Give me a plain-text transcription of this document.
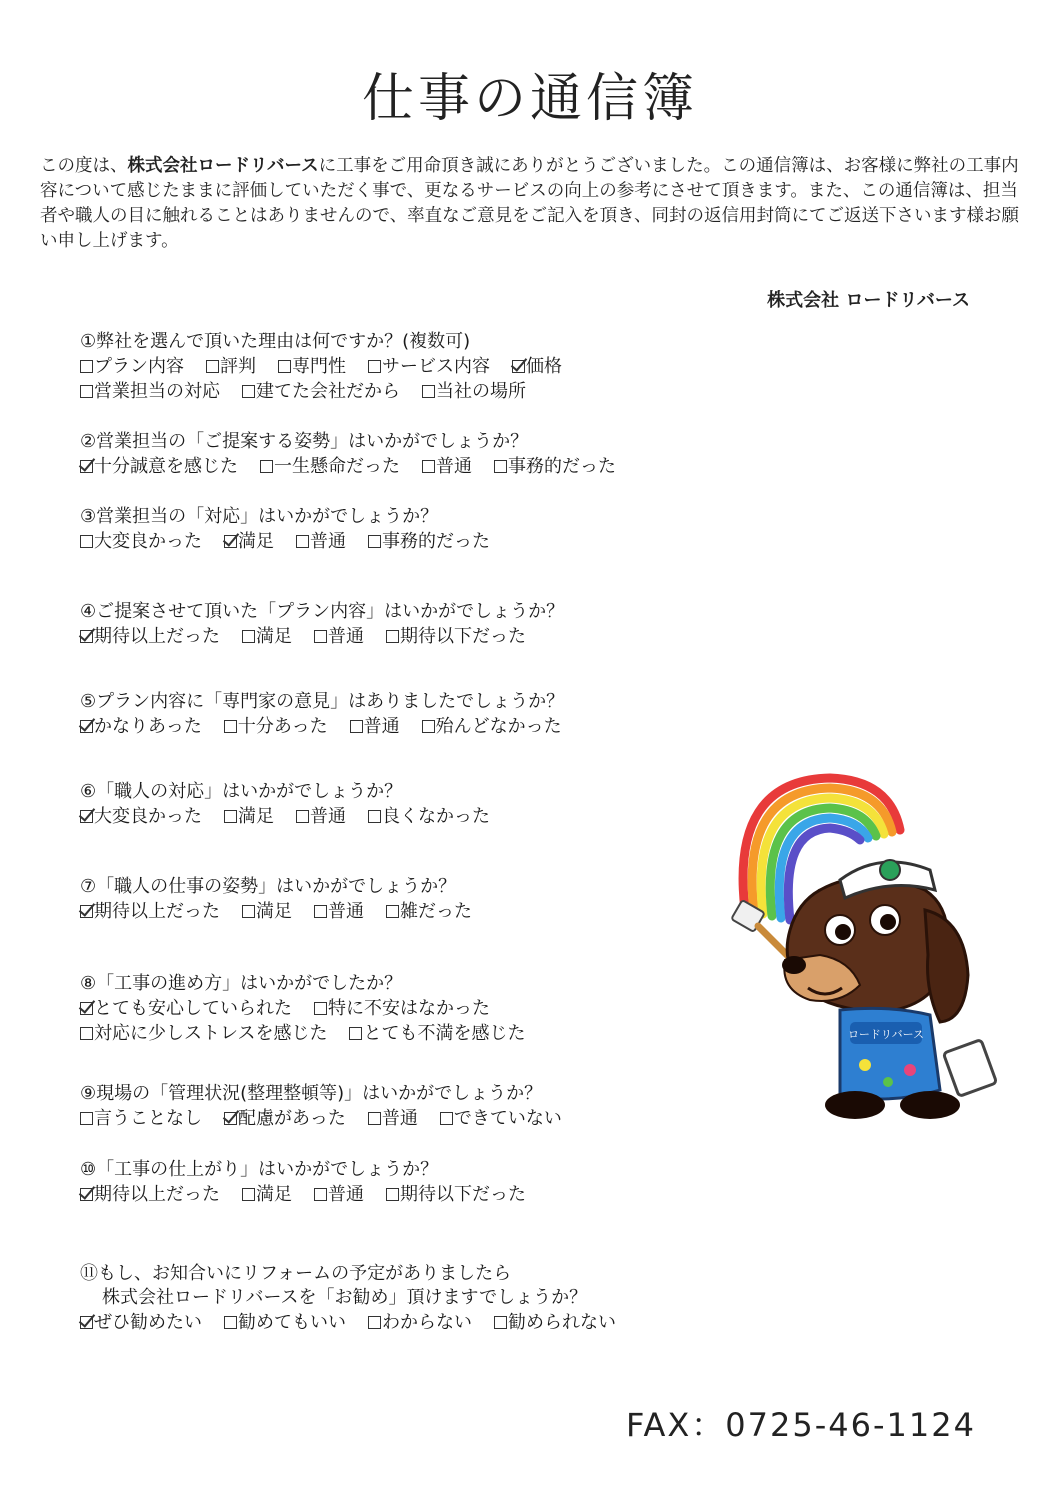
仕事の通信簿
この度は、株式会社ロードリバースに工事をご用命頂き誠にありがとうございました。この通信簿は、お客様に弊社の工事内容について感じたままに評価していただく事で、更なるサービスの向上の参考にさせて頂きます。また、この通信簿は、担当者や職人の目に触れることはありませんので、率直なご意見をご記入を頂き、同封の返信用封筒にてご返送下さいます様お願い申し上げます。
株式会社 ロードリバース
①弊社を選んで頂いた理由は何ですか？(複数可)
プラン内容 評判 専門性 サービス内容 価格
営業担当の対応 建てた会社だから 当社の場所
②営業担当の「ご提案する姿勢」はいかがでしょうか？
十分誠意を感じた 一生懸命だった 普通 事務的だった
③営業担当の「対応」はいかがでしょうか？
大変良かった 満足 普通 事務的だった
④ご提案させて頂いた「プラン内容」はいかがでしょうか？
期待以上だった 満足 普通 期待以下だった
⑤プラン内容に「専門家の意見」はありましたでしょうか？
かなりあった 十分あった 普通 殆んどなかった
⑥「職人の対応」はいかがでしょうか？
大変良かった 満足 普通 良くなかった
⑦「職人の仕事の姿勢」はいかがでしょうか？
期待以上だった 満足 普通 雑だった
⑧「工事の進め方」はいかがでしたか？
とても安心していられた 特に不安はなかった
対応に少しストレスを感じた とても不満を感じた
⑨現場の「管理状況(整理整頓等)」はいかがでしょうか？
言うことなし 配慮があった 普通 できていない
⑩「工事の仕上がり」はいかがでしょうか？
期待以上だった 満足 普通 期待以下だった
⑪もし、お知合いにリフォームの予定がありましたら
株式会社ロードリバースを「お勧め」頂けますでしょうか？
ぜひ勧めたい 勧めてもいい わからない 勧められない
ロードリバース
FAX：0725-46-1124
